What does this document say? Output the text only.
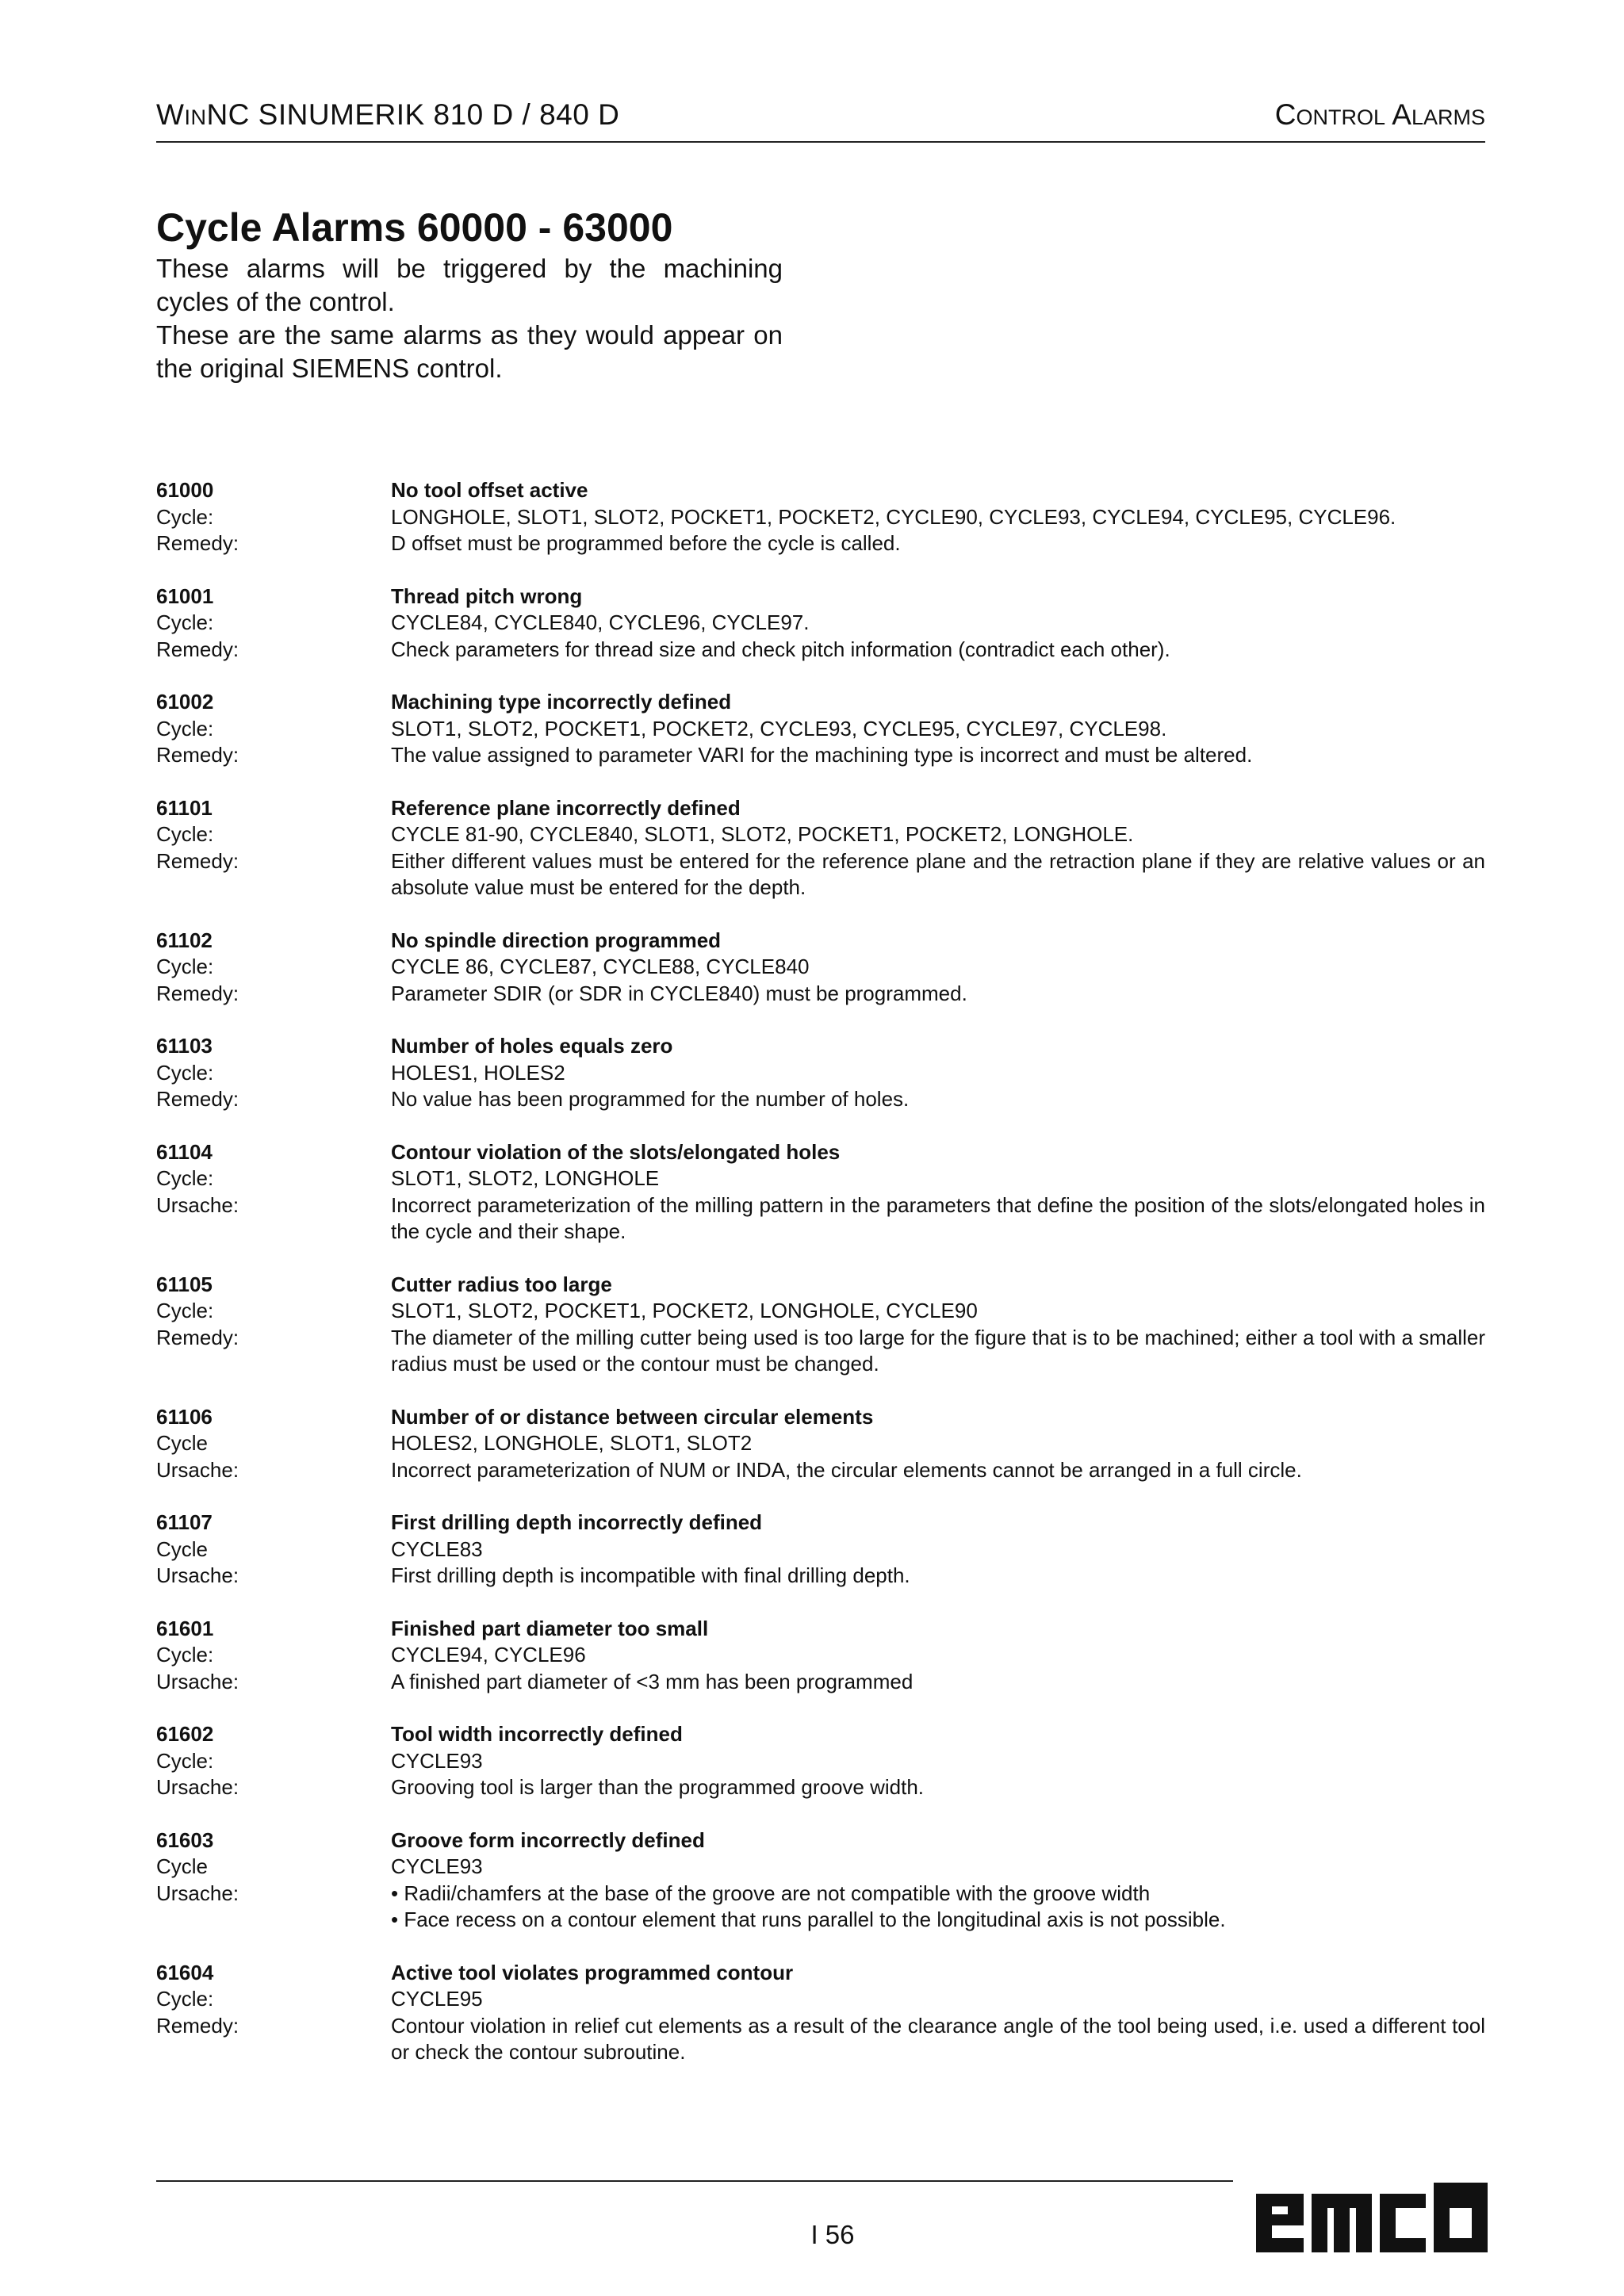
WINNC SINUMERIK 810 D / 840 D	CONTROL ALARMS
Cycle Alarms 60000 - 63000

These alarms will be triggered by the machining cycles of the control.

These are the same alarms as they would appear on the original SIEMENS control.

61000	No tool offset active
Cycle:	LONGHOLE, SLOT1, SLOT2, POCKET1, POCKET2, CYCLE90, CYCLE93, CYCLE94, CYCLE95, CYCLE96.
Remedy:	D offset must be programmed before the cycle is called.
61001	Thread pitch wrong
Cycle:	CYCLE84, CYCLE840, CYCLE96, CYCLE97.
Remedy:	Check parameters for thread size and check pitch information (contradict each other).
61002	Machining type incorrectly defined
Cycle:	SLOT1, SLOT2, POCKET1, POCKET2, CYCLE93, CYCLE95, CYCLE97, CYCLE98.
Remedy:	The value assigned to parameter VARI for the machining type is incorrect and must be altered.
61101	Reference plane incorrectly defined
Cycle:	CYCLE 81-90, CYCLE840, SLOT1, SLOT2, POCKET1, POCKET2, LONGHOLE.
Remedy:	Either different values must be entered for the reference plane and the retraction plane if they are relative values or an absolute value must be entered for the depth.
61102	No spindle direction programmed
Cycle:	CYCLE 86, CYCLE87, CYCLE88, CYCLE840
Remedy:	Parameter SDIR (or SDR in CYCLE840) must be programmed.
61103	Number of holes equals zero
Cycle:	HOLES1, HOLES2
Remedy:	No value has been programmed for the number of holes.
61104	Contour violation of the slots/elongated holes
Cycle:	SLOT1, SLOT2, LONGHOLE
Ursache:	Incorrect parameterization of the milling pattern in the parameters that define the position of the slots/elongated holes in the cycle and their shape.
61105	Cutter radius too large
Cycle:	SLOT1, SLOT2, POCKET1, POCKET2, LONGHOLE, CYCLE90
Remedy:	The diameter of the milling cutter being used is too large for the figure that is to be machined; either a tool with a smaller radius must be used or the contour must be changed.
61106	Number of or distance between circular elements
Cycle	HOLES2, LONGHOLE, SLOT1, SLOT2
Ursache:	Incorrect parameterization of NUM or INDA, the circular elements cannot be arranged in a full circle.
61107	First drilling depth incorrectly defined
Cycle	CYCLE83
Ursache:	First drilling depth is incompatible with final drilling depth.
61601	Finished part diameter too small
Cycle:	CYCLE94, CYCLE96
Ursache:	A finished part diameter of <3 mm has been programmed
61602	Tool width incorrectly defined
Cycle:	CYCLE93
Ursache:	Grooving tool is larger than the programmed groove width.
61603	Groove form incorrectly defined
Cycle	CYCLE93
Ursache:	• Radii/chamfers at the base of the groove are not compatible with the groove width
• Face recess on a contour element that runs parallel to the longitudinal axis is not possible.
61604	Active tool violates programmed contour
Cycle:	CYCLE95
Remedy:	Contour violation in relief cut elements as a result of the clearance angle of the tool being used, i.e. used a different tool or check the contour subroutine.
I 56
